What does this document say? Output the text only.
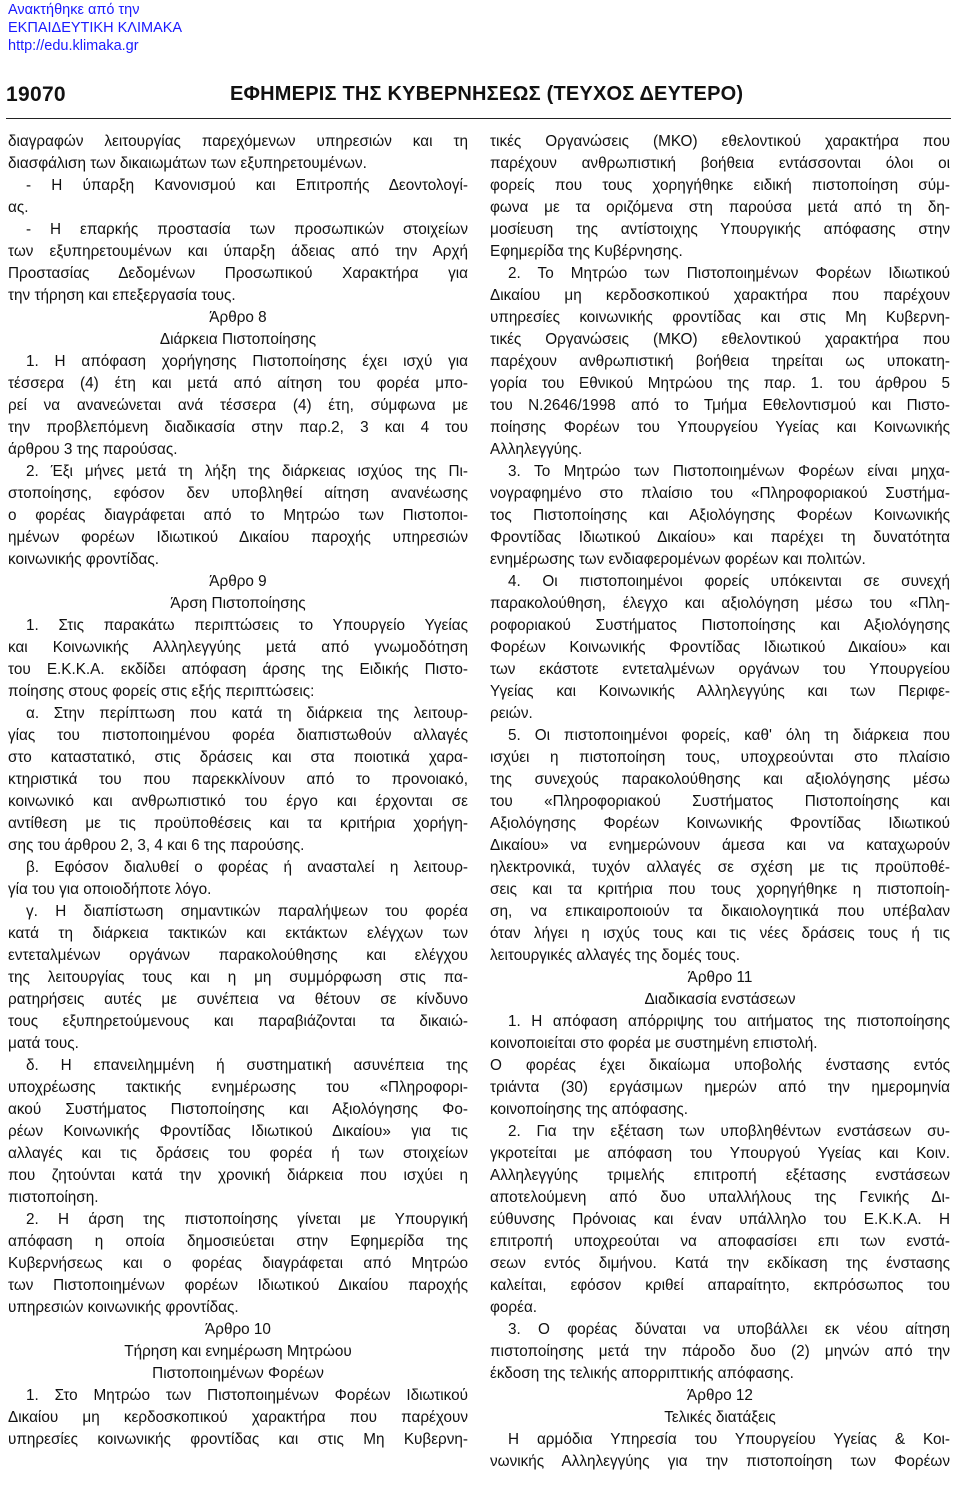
Ανακτήθηκε από την
ΕΚΠΑΙΔΕΥΤΙΚΗ ΚΛΙΜΑΚΑ
http://edu.klimaka.gr
19070	ΕΦΗΜΕΡΙΣ ΤΗΣ ΚΥΒΕΡΝΗΣΕΩΣ (ΤΕΥΧΟΣ ΔΕΥΤΕΡΟ)
διαγραφών λειτουργίας παρεχόμενων υπηρεσιών και τη
διασφάλιση των δικαιωμάτων των εξυπηρετουμένων.
- Η ύπαρξη Κανονισμού και Επιτροπής Δεοντολογί-
ας.
- Η επαρκής προστασία των προσωπικών στοιχείων
των εξυπηρετουμένων και ύπαρξη άδειας από την Αρχή
Προστασίας Δεδομένων Προσωπικού Χαρακτήρα για
την τήρηση και επεξεργασία τους.
Άρθρο 8
Διάρκεια Πιστοποίησης
1. Η απόφαση χορήγησης Πιστοποίησης έχει ισχύ για
τέσσερα (4) έτη και μετά από αίτηση του φορέα μπο-
ρεί να ανανεώνεται ανά τέσσερα (4) έτη, σύμφωνα με
την προβλεπόμενη διαδικασία στην παρ.2, 3 και 4 του
άρθρου 3 της παρούσας.
2. Έξι μήνες μετά τη λήξη της διάρκειας ισχύος της Πι-
στοποίησης, εφόσον δεν υποβληθεί αίτηση ανανέωσης
ο φορέας διαγράφεται από το Μητρώο των Πιστοποι-
ημένων φορέων Ιδιωτικού Δικαίου παροχής υπηρεσιών
κοινωνικής φροντίδας.
Άρθρο 9
Άρση Πιστοποίησης
1. Στις παρακάτω περιπτώσεις το Υπουργείο Υγείας
και Κοινωνικής Αλληλεγγύης μετά από γνωμοδότηση
του Ε.Κ.Κ.Α. εκδίδει απόφαση άρσης της Ειδικής Πιστο-
ποίησης στους φορείς στις εξής περιπτώσεις:
α. Στην περίπτωση που κατά τη διάρκεια της λειτουρ-
γίας του πιστοποιημένου φορέα διαπιστωθούν αλλαγές
στο καταστατικό, στις δράσεις και στα ποιοτικά χαρα-
κτηριστικά του που παρεκκλίνουν από το προνοιακό,
κοινωνικό και ανθρωπιστικό του έργο και έρχονται σε
αντίθεση με τις προϋποθέσεις και τα κριτήρια χορήγη-
σης του άρθρου 2, 3, 4 και 6 της παρούσης.
β. Εφόσον διαλυθεί ο φορέας ή ανασταλεί η λειτουρ-
γία του για οποιοδήποτε λόγο.
γ. Η διαπίστωση σημαντικών παραλήψεων του φορέα
κατά τη διάρκεια τακτικών και εκτάκτων ελέγχων των
εντεταλμένων οργάνων παρακολούθησης και ελέγχου
της λειτουργίας τους και η μη συμμόρφωση στις πα-
ρατηρήσεις αυτές με συνέπεια να θέτουν σε κίνδυνο
τους εξυπηρετούμενους και παραβιάζονται τα δικαιώ-
ματά τους.
δ. Η επανειλημμένη ή συστηματική ασυνέπεια της
υποχρέωσης τακτικής ενημέρωσης του «Πληροφορι-
ακού Συστήματος Πιστοποίησης και Αξιολόγησης Φο-
ρέων Κοινωνικής Φροντίδας Ιδιωτικού Δικαίου» για τις
αλλαγές και τις δράσεις του φορέα ή των στοιχείων
που ζητούνται κατά την χρονική διάρκεια που ισχύει η
πιστοποίηση.
2. Η άρση της πιστοποίησης γίνεται με Υπουργική
απόφαση η οποία δημοσιεύεται στην Εφημερίδα της
Κυβερνήσεως και ο φορέας διαγράφεται από Μητρώο
των Πιστοποιημένων φορέων Ιδιωτικού Δικαίου παροχής
υπηρεσιών κοινωνικής φροντίδας.
Άρθρο 10
Τήρηση και ενημέρωση Μητρώου
Πιστοποιημένων Φορέων
1. Στο Μητρώο των Πιστοποιημένων Φορέων Ιδιωτικού
Δικαίου μη κερδοσκοπικού χαρακτήρα που παρέχουν
υπηρεσίες κοινωνικής φροντίδας και στις Μη Κυβερνη-
τικές Οργανώσεις (ΜΚΟ) εθελοντικού χαρακτήρα που
παρέχουν ανθρωπιστική βοήθεια εντάσσονται όλοι οι
φορείς που τους χορηγήθηκε ειδική πιστοποίηση σύμ-
φωνα με τα οριζόμενα στη παρούσα μετά από τη δη-
μοσίευση της αντίστοιχης Υπουργικής απόφασης στην
Εφημερίδα της Κυβέρνησης.
2. Το Μητρώο των Πιστοποιημένων Φορέων Ιδιωτικού
Δικαίου μη κερδοσκοπικού χαρακτήρα που παρέχουν
υπηρεσίες κοινωνικής φροντίδας και στις Μη Κυβερνη-
τικές Οργανώσεις (ΜΚΟ) εθελοντικού χαρακτήρα που
παρέχουν ανθρωπιστική βοήθεια τηρείται ως υποκατη-
γορία του Εθνικού Μητρώου της παρ. 1. του άρθρου 5
του Ν.2646/1998 από το Τμήμα Εθελοντισμού και Πιστο-
ποίησης Φορέων του Υπουργείου Υγείας και Κοινωνικής
Αλληλεγγύης.
3. Το Μητρώο των Πιστοποιημένων Φορέων είναι μηχα-
νογραφημένο στο πλαίσιο του «Πληροφοριακού Συστήμα-
τος Πιστοποίησης και Αξιολόγησης Φορέων Κοινωνικής
Φροντίδας Ιδιωτικού Δικαίου» και παρέχει τη δυνατότητα
ενημέρωσης των ενδιαφερομένων φορέων και πολιτών.
4. Οι πιστοποιημένοι φορείς υπόκεινται σε συνεχή
παρακολούθηση, έλεγχο και αξιολόγηση μέσω του «Πλη-
ροφοριακού Συστήματος Πιστοποίησης και Αξιολόγησης
Φορέων Κοινωνικής Φροντίδας Ιδιωτικού Δικαίου» και
των εκάστοτε εντεταλμένων οργάνων του Υπουργείου
Υγείας και Κοινωνικής Αλληλεγγύης και των Περιφε-
ρειών.
5. Οι πιστοποιημένοι φορείς, καθ' όλη τη διάρκεια που
ισχύει η πιστοποίηση τους, υποχρεούνται στο πλαίσιο
της συνεχούς παρακολούθησης και αξιολόγησης μέσω
του «Πληροφοριακού Συστήματος Πιστοποίησης και
Αξιολόγησης Φορέων Κοινωνικής Φροντίδας Ιδιωτικού
Δικαίου» να ενημερώνουν άμεσα και να καταχωρούν
ηλεκτρονικά, τυχόν αλλαγές σε σχέση με τις προϋποθέ-
σεις και τα κριτήρια που τους χορηγήθηκε η πιστοποίη-
ση, να επικαιροποιούν τα δικαιολογητικά που υπέβαλαν
όταν λήγει η ισχύς τους και τις νέες δράσεις τους ή τις
λειτουργικές αλλαγές της δομές τους.
Άρθρο 11
Διαδικασία ενστάσεων
1. Η απόφαση απόρριψης του αιτήματος της πιστοποίησης
κοινοποιείται στο φορέα με συστημένη επιστολή.
Ο φορέας έχει δικαίωμα υποβολής ένστασης εντός
τριάντα (30) εργάσιμων ημερών από την ημερομηνία
κοινοποίησης της απόφασης.
2. Για την εξέταση των υποβληθέντων ενστάσεων συ-
γκροτείται με απόφαση του Υπουργού Υγείας και Κοιν.
Αλληλεγγύης τριμελής επιτροπή εξέτασης ενστάσεων
αποτελούμενη από δυο υπαλλήλους της Γενικής Δι-
εύθυνσης Πρόνοιας και έναν υπάλληλο του Ε.Κ.Κ.Α. Η
επιτροπή υποχρεούται να αποφασίσει επι των ενστά-
σεων εντός διμήνου. Κατά την εκδίκαση της ένστασης
καλείται, εφόσον κριθεί απαραίτητο, εκπρόσωπος του
φορέα.
3. Ο φορέας δύναται να υποβάλλει εκ νέου αίτηση
πιστοποίησης μετά την πάροδο δυο (2) μηνών από την
έκδοση της τελικής απορριπτικής απόφασης.
Άρθρο 12
Τελικές διατάξεις
Η αρμόδια Υπηρεσία του Υπουργείου Υγείας & Κοι-
νωνικής Αλληλεγγύης για την πιστοποίηση των Φορέων
